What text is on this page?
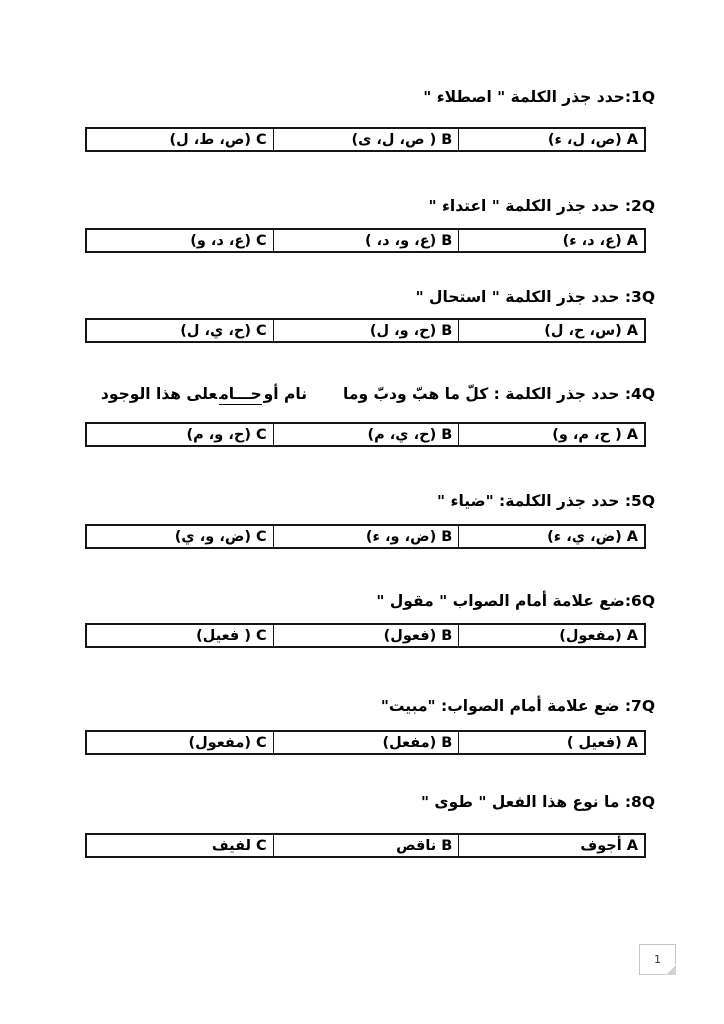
1Q:حدد جذر الكلمة " اصطلاء "
A (ص، ل، ء)
B ( ص، ل، ى)
C (ص، ط، ل)
2Q: حدد جذر الكلمة " اعتداء "
A (ع، د، ء)
B (ع، و، د، )
C (ع، د، و)
3Q: حدد جذر الكلمة " استحال "
A (س، ح، ل)
B (ح، و، ل)
C (ح، ي، ل)
4Q: حدد جذر الكلمة : كلّ ما هبّ ودبّ ومانام أوحـــامعلى هذا الوجود
A ( ح، م، و)
B (ح، ي، م)
C (ح، و، م)
5Q: حدد جذر الكلمة: "ضياء "
A (ض، ي، ء)
B (ض، و، ء)
C (ض، و، ي)
6Q:ضع علامة أمام الصواب " مقول "
A (مفعول)
B (فعول)
C ( فعيل)
7Q: ضع علامة أمام الصواب: "مبيت"
A (فعيل )
B (مفعل)
C (مفعول)
8Q: ما نوع هذا الفعل " طوى "
A أجوف
B ناقص
C لفيف
1
